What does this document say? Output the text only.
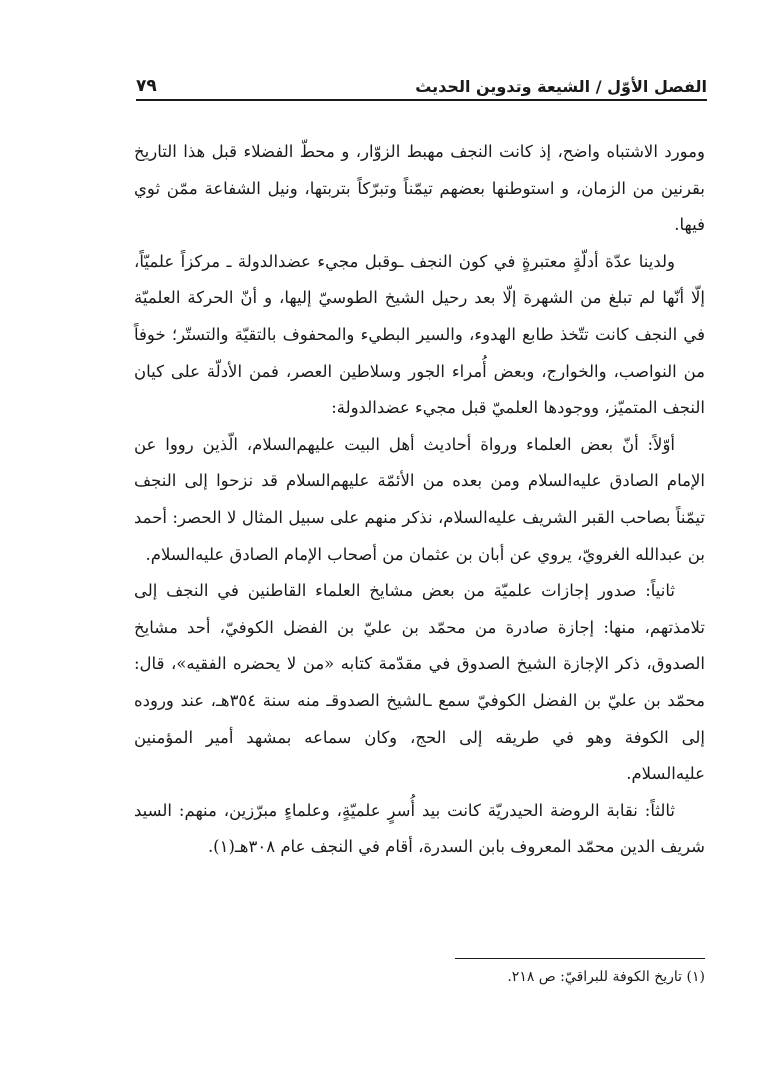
الفصل الأوّل / الشيعة وتدوين الحديث
٧٩

ومورد الاشتباه واضح، إذ كانت النجف مهبط الزوّار، و محطّ الفضلاء قبل هذا التاريخ بقرنين من الزمان، و استوطنها بعضهم تيمّناً وتبرّكاً بتربتها، ونيل الشفاعة ممّن ثوي فيها.

ولدينا عدّة أدلّةٍ معتبرةٍ في كون النجف ـوقبل مجيء عضدالدولة ـ مركزاً علميّاً، إلّا أنّها لم تبلغ من الشهرة إلّا بعد رحيل الشيخ الطوسيّ إليها، و أنّ الحركة العلميّة في النجف كانت تتّخذ طابع الهدوء، والسير البطيء والمحفوف بالتقيّة والتستّر؛ خوفاً من النواصب، والخوارج، وبعض أُمراء الجور وسلاطين العصر، فمن الأدلّة على كيان النجف المتميّز، ووجودها العلميّ قبل مجيء عضدالدولة:

أوّلاً: أنّ بعض العلماء ورواة أحاديث أهل البيت عليهم‌السلام، الّذين رووا عن الإمام الصادق عليه‌السلام ومن بعده من الأئمّة عليهم‌السلام قد نزحوا إلى النجف تيمّناً بصاحب القبر الشريف عليه‌السلام، نذكر منهم على سبيل المثال لا الحصر: أحمد بن عبدالله الغرويّ، يروي عن أبان بن عثمان من أصحاب الإمام الصادق عليه‌السلام.

ثانياً: صدور إجازات علميّة من بعض مشايخ العلماء القاطنين في النجف إلى تلامذتهم، منها: إجازة صادرة من محمّد بن عليّ بن الفضل الكوفيّ، أحد مشايخ الصدوق، ذكر الإجازة الشيخ الصدوق في مقدّمة كتابه «من لا يحضره الفقيه»، قال: محمّد بن عليّ بن الفضل الكوفيّ سمع ـالشيخ الصدوقـ منه سنة ٣٥٤هـ، عند وروده إلى الكوفة وهو في طريقه إلى الحج، وكان سماعه بمشهد أمير المؤمنين عليه‌السلام.

ثالثاً: نقابة الروضة الحيدريّة كانت بيد أُسرٍ علميّةٍ، وعلماءٍ مبرّزين، منهم: السيد شريف الدين محمّد المعروف بابن السدرة، أقام في النجف عام ٣٠٨هـ(١).

(١) تاريخ الكوفة للبراقيّ: ص ٢١٨.
